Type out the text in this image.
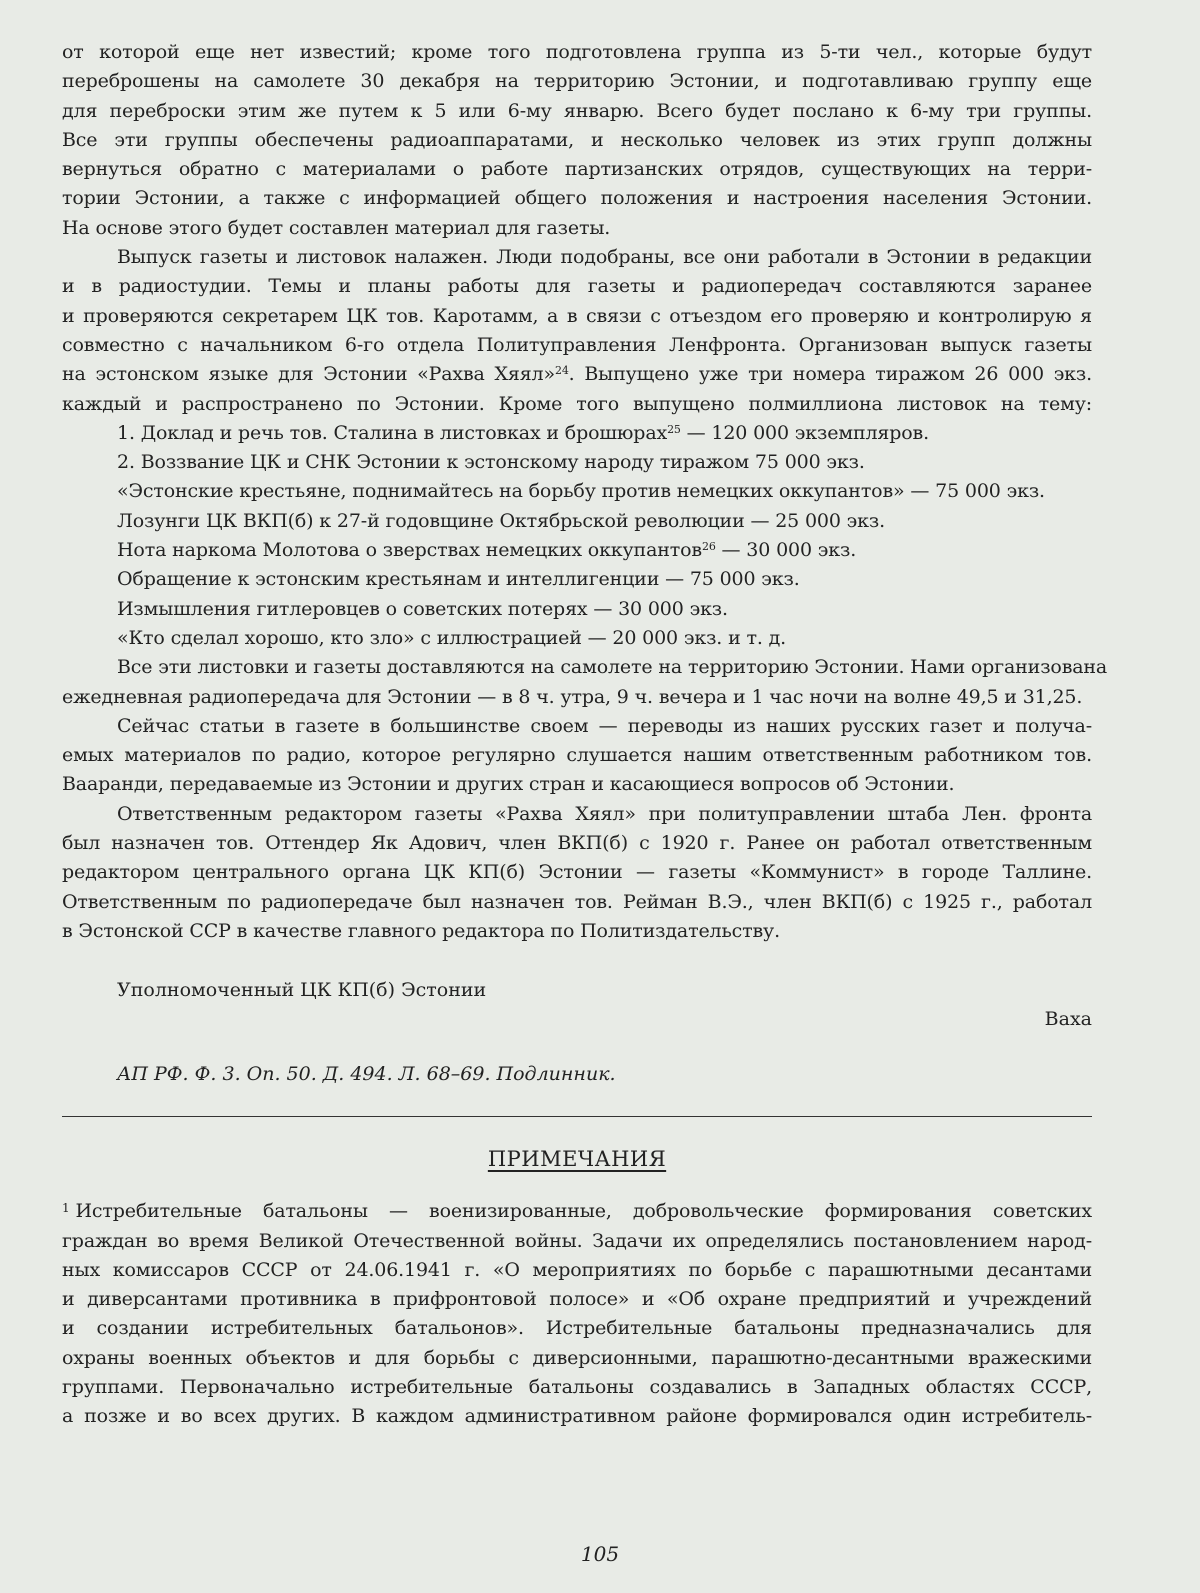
от которой еще нет известий; кроме того подготовлена группа из 5-ти чел., которые будут
переброшены на самолете 30 декабря на территорию Эстонии, и подготавливаю группу еще
для переброски этим же путем к 5 или 6-му январю. Всего будет послано к 6-му три группы.
Все эти группы обеспечены радиоаппаратами, и несколько человек из этих групп должны
вернуться обратно с материалами о работе партизанских отрядов, существующих на терри-
тории Эстонии, а также с информацией общего положения и настроения населения Эстонии.
На основе этого будет составлен материал для газеты.
Выпуск газеты и листовок налажен. Люди подобраны, все они работали в Эстонии в редакции
и в радиостудии. Темы и планы работы для газеты и радиопередач составляются заранее
и проверяются секретарем ЦК тов. Каротамм, а в связи с отъездом его проверяю и контролирую я
совместно с начальником 6-го отдела Политуправления Ленфронта. Организован выпуск газеты
на эстонском языке для Эстонии «Рахва Хяял»$^{24}$. Выпущено уже три номера тиражом 26 000 экз.
каждый и распространено по Эстонии. Кроме того выпущено полмиллиона листовок на тему:
1. Доклад и речь тов. Сталина в листовках и брошюрах$^{25}$ — 120 000 экземпляров.
2. Воззвание ЦК и СНК Эстонии к эстонскому народу тиражом 75 000 экз.
«Эстонские крестьяне, поднимайтесь на борьбу против немецких оккупантов» — 75 000 экз.
Лозунги ЦК ВКП(б) к 27-й годовщине Октябрьской революции — 25 000 экз.
Нота наркома Молотова о зверствах немецких оккупантов$^{26}$ — 30 000 экз.
Обращение к эстонским крестьянам и интеллигенции — 75 000 экз.
Измышления гитлеровцев о советских потерях — 30 000 экз.
«Кто сделал хорошо, кто зло» с иллюстрацией — 20 000 экз. и т. д.
Все эти листовки и газеты доставляются на самолете на территорию Эстонии. Нами организована
ежедневная радиопередача для Эстонии — в 8 ч. утра, 9 ч. вечера и 1 час ночи на волне 49,5 и 31,25.
Сейчас статьи в газете в большинстве своем — переводы из наших русских газет и получа-
емых материалов по радио, которое регулярно слушается нашим ответственным работником тов.
Вааранди, передаваемые из Эстонии и других стран и касающиеся вопросов об Эстонии.
Ответственным редактором газеты «Рахва Хяял» при политуправлении штаба Лен. фронта
был назначен тов. Оттендер Як Адович, член ВКП(б) с 1920 г. Ранее он работал ответственным
редактором центрального органа ЦК КП(б) Эстонии — газеты «Коммунист» в городе Таллине.
Ответственным по радиопередаче был назначен тов. Рейман В.Э., член ВКП(б) с 1925 г., работал
в Эстонской ССР в качестве главного редактора по Политиздательству.
Уполномоченный ЦК КП(б) Эстонии
Ваха
АП РФ. Ф. 3. Оп. 50. Д. 494. Л. 68–69. Подлинник.
ПРИМЕЧАНИЯ
$^1$ Истребительные батальоны — военизированные, добровольческие формирования советских
граждан во время Великой Отечественной войны. Задачи их определялись постановлением народ-
ных комиссаров СССР от 24.06.1941 г. «О мероприятиях по борьбе с парашютными десантами
и диверсантами противника в прифронтовой полосе» и «Об охране предприятий и учреждений
и создании истребительных батальонов». Истребительные батальоны предназначались для
охраны военных объектов и для борьбы с диверсионными, парашютно-десантными вражескими
группами. Первоначально истребительные батальоны создавались в Западных областях СССР,
а позже и во всех других. В каждом административном районе формировался один истребитель-
105
